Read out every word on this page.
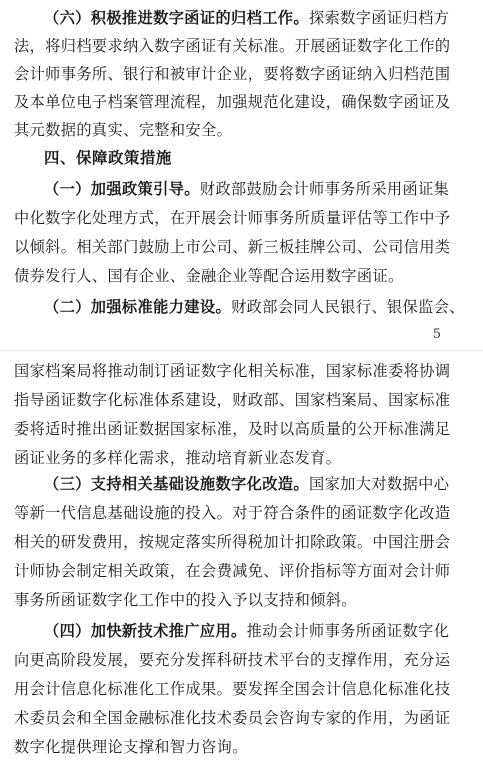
（六）积极推进数字函证的归档工作。探索数字函证归档方
法，将归档要求纳入数字函证有关标准。开展函证数字化工作的
会计师事务所、银行和被审计企业，要将数字函证纳入归档范围
及本单位电子档案管理流程，加强规范化建设，确保数字函证及
其元数据的真实、完整和安全。
四、保障政策措施
（一）加强政策引导。财政部鼓励会计师事务所采用函证集
中化数字化处理方式，在开展会计师事务所质量评估等工作中予
以倾斜。相关部门鼓励上市公司、新三板挂牌公司、公司信用类
债券发行人、国有企业、金融企业等配合运用数字函证。
（二）加强标准能力建设。财政部会同人民银行、银保监会、
5
国家档案局将推动制订函证数字化相关标准，国家标准委将协调
指导函证数字化标准体系建设，财政部、国家档案局、国家标准
委将适时推出函证数据国家标准，及时以高质量的公开标准满足
函证业务的多样化需求，推动培育新业态发育。
（三）支持相关基础设施数字化改造。国家加大对数据中心
等新一代信息基础设施的投入。对于符合条件的函证数字化改造
相关的研发费用，按规定落实所得税加计扣除政策。中国注册会
计师协会制定相关政策，在会费减免、评价指标等方面对会计师
事务所函证数字化工作中的投入予以支持和倾斜。
（四）加快新技术推广应用。推动会计师事务所函证数字化
向更高阶段发展，要充分发挥科研技术平台的支撑作用，充分运
用会计信息化标准化工作成果。要发挥全国会计信息化标准化技
术委员会和全国金融标准化技术委员会咨询专家的作用，为函证
数字化提供理论支撑和智力咨询。
